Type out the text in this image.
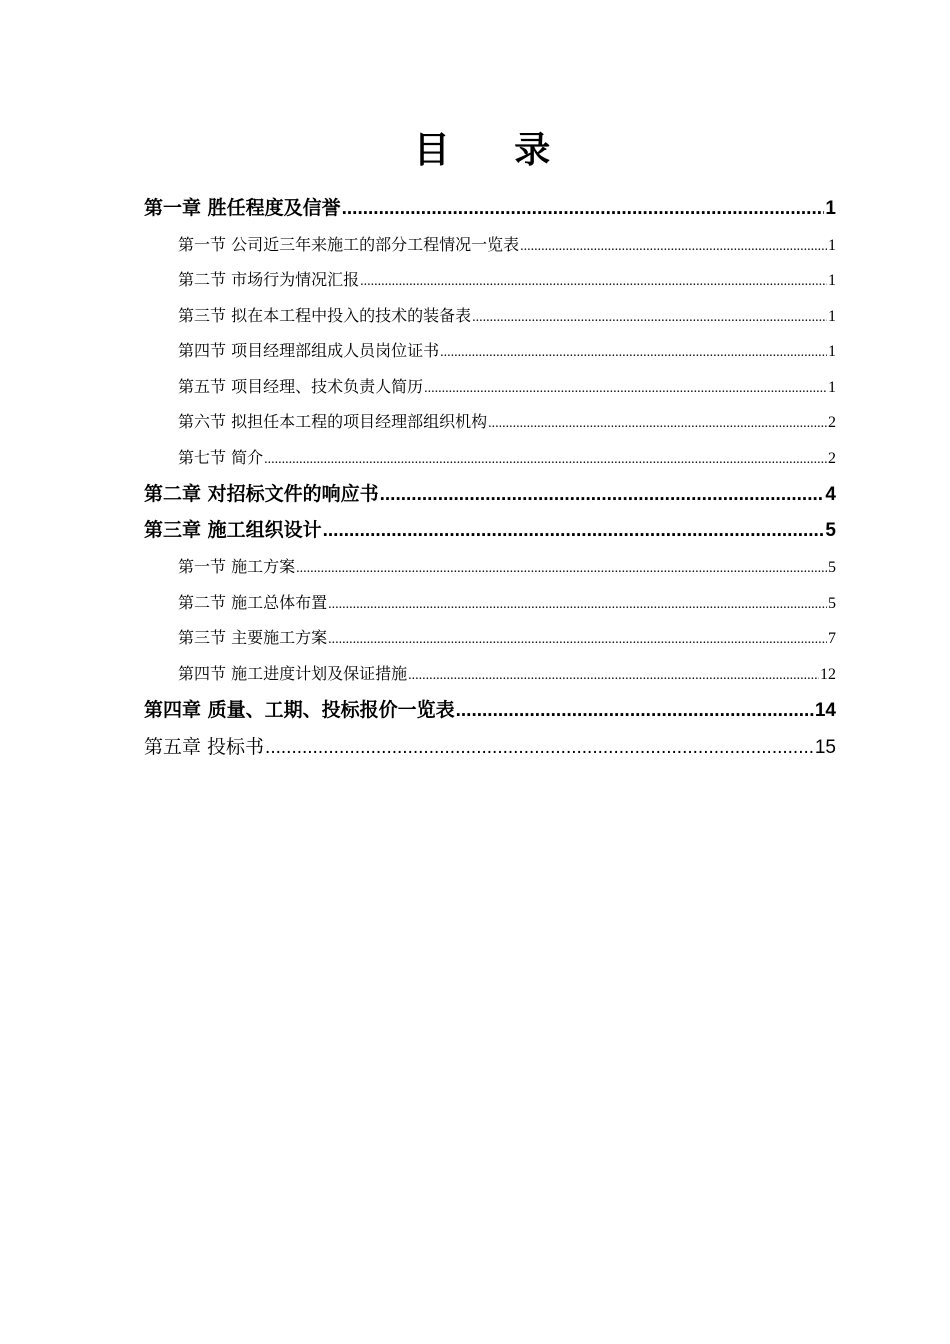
目 录
第一章 胜任程度及信誉 .....	1
第一节 公司近三年来施工的部分工程情况一览表 .....	1
第二节 市场行为情况汇报 .....	1
第三节 拟在本工程中投入的技术的装备表 .....	1
第四节 项目经理部组成人员岗位证书 .....	1
第五节 项目经理、技术负责人简历 .....	1
第六节 拟担任本工程的项目经理部组织机构 .....	2
第七节 简介 .....	2
第二章 对招标文件的响应书 .....	4
第三章 施工组织设计 .....	5
第一节 施工方案 .....	5
第二节 施工总体布置 .....	5
第三节 主要施工方案 .....	7
第四节 施工进度计划及保证措施 .....	12
第四章 质量、工期、投标报价一览表 .....	14
第五章 投标书 .....	15
